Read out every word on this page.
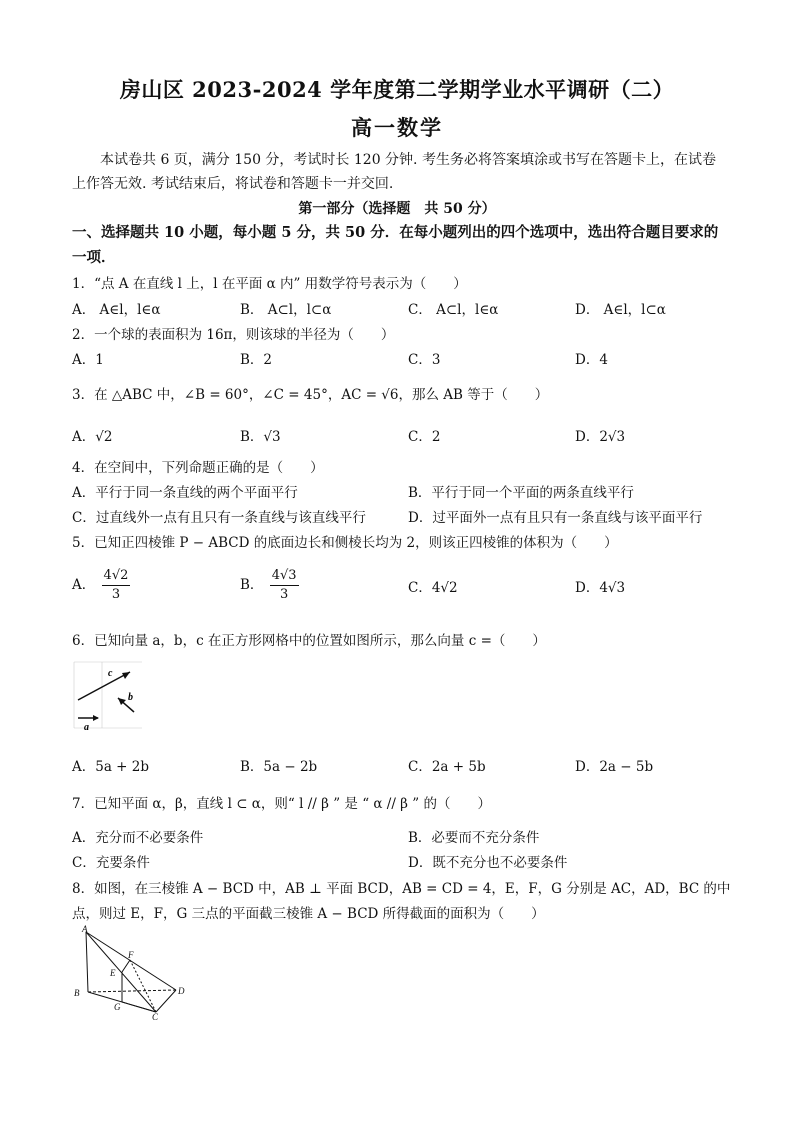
房山区 2023-2024 学年度第二学期学业水平调研（二）
高一数学
本试卷共 6 页，满分 150 分，考试时长 120 分钟. 考生务必将答案填涂或书写在答题卡上，在试卷上作答无效. 考试结束后，将试卷和答题卡一并交回.
第一部分（选择题　共 50 分）
一、选择题共 10 小题，每小题 5 分，共 50 分．在每小题列出的四个选项中，选出符合题目要求的一项．
1．“点 A 在直线 l 上，l 在平面 α 内” 用数学符号表示为（　　）
A． A∈l，l∈α	B． A⊂l，l⊂α	C． A⊂l，l∈α	D． A∈l，l⊂α
2．一个球的表面积为 16π，则该球的半径为（　　）
A．1	B．2	C．3	D．4
3．在 △ABC 中，∠B = 60°，∠C = 45°，AC = √6，那么 AB 等于（　　）
A．√2	B．√3	C．2	D．2√3
4．在空间中，下列命题正确的是（　　）
A．平行于同一条直线的两个平面平行	B．平行于同一个平面的两条直线平行
C．过直线外一点有且只有一条直线与该直线平行	D．过平面外一点有且只有一条直线与该平面平行
5．已知正四棱锥 P − ABCD 的底面边长和侧棱长均为 2，则该正四棱锥的体积为（　　）
A． $\frac{4√2}{3}$	B． $\frac{4√3}{3}$	C．4√2	D．4√3
6．已知向量 a，b，c 在正方形网格中的位置如图所示，那么向量 c =（　　）
c
b
a
A．5a + 2b	B．5a − 2b	C．2a + 5b	D．2a − 5b
7．已知平面 α，β，直线 l ⊂ α，则“ l // β ” 是 “ α // β ” 的（　　）
A．充分而不必要条件	B．必要而不充分条件
C．充要条件	D．既不充分也不必要条件
8．如图，在三棱锥 A − BCD 中，AB ⊥ 平面 BCD，AB = CD = 4，E，F，G 分别是 AC，AD，BC 的中
点，则过 E，F，G 三点的平面截三棱锥 A − BCD 所得截面的面积为（　　）
A
F
E
B	D
G
C
